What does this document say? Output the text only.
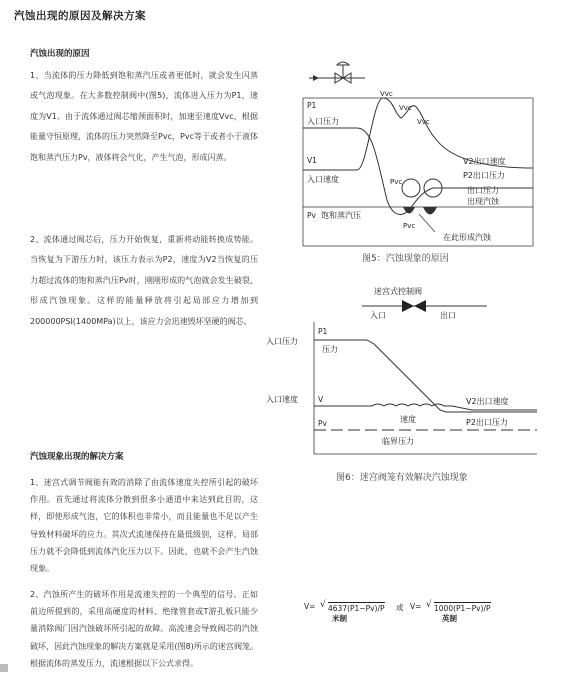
汽蚀出现的原因及解决方案
汽蚀出现的原因
1、当流体的压力降低到饱和蒸汽压或者更低时，就会发生闪蒸或气泡现象。在大多数控制阀中(图5)，流体进入压力为P1，速度为V1。由于流体通过阀芯缩颈面积时，加速至速度Vvc，根据能量守恒原理，流体的压力突然降至Pvc，Pvc等于或者小于液体饱和蒸汽压力Pv，液体将会气化，产生气泡，形成闪蒸。
2、流体通过阀芯后，压力开始恢复，重新将动能转换成势能。当恢复为下游压力时，该压力表示为P2，速度为V2当恢复的压力超过流体的饱和蒸汽压Pv时，刚刚形成的气泡就会发生破裂，形成汽蚀现象。这样的能量释放将引起局部应力增加到200000PSI(1400MPa)以上，该应力会迅速毁坏坚硬的阀芯。
汽蚀现象出现的解决方案
1、迷宫式调节阀能有效的消除了由流体速度失控所引起的破坏作用。首先通过将流体分散到很多小通道中来达到此目的，这样，即使形成气泡，它的体积也非常小，而且能量也不足以产生导致材料破坏的应力。其次式流速保持在最低级别，这样，局部压力就不会降低到流体汽化压力以下。因此，也就不会产生汽蚀现象。
2、汽蚀所产生的破坏作用是流速失控的一个典型的信号。正如前边所提到的，采用高硬度的材料、绝缘管套或T游孔板只能少量消除阀门因汽蚀破坏所引起的故障。高流速会导致阀芯的汽蚀破坏，因此汽蚀现象的解决方案就是采用(图8)所示的迷宫阀笼。根据流体的蒸发压力，流速根据以下公式求得。
P1
入口压力
V1
入口速度
Pv 饱和蒸汽压
Vvc
Vvc
Vvc
Pvc
Pvc
V2出口速度
P2出口压力
出口压力
出现汽蚀
在此形成汽蚀
图5：汽蚀现象的原因
迷宫式控制阀
入口	出口
P1
入口压力
压力
V
入口速度
速度
V2出口速度
Pv
临界压力
P2出口压力
图6：迷宫阀笼有效解决汽蚀现象
V= √ 4637(P1−Pv)/P
米制
或 V= √ 1000(P1−Pv)/P
英制
